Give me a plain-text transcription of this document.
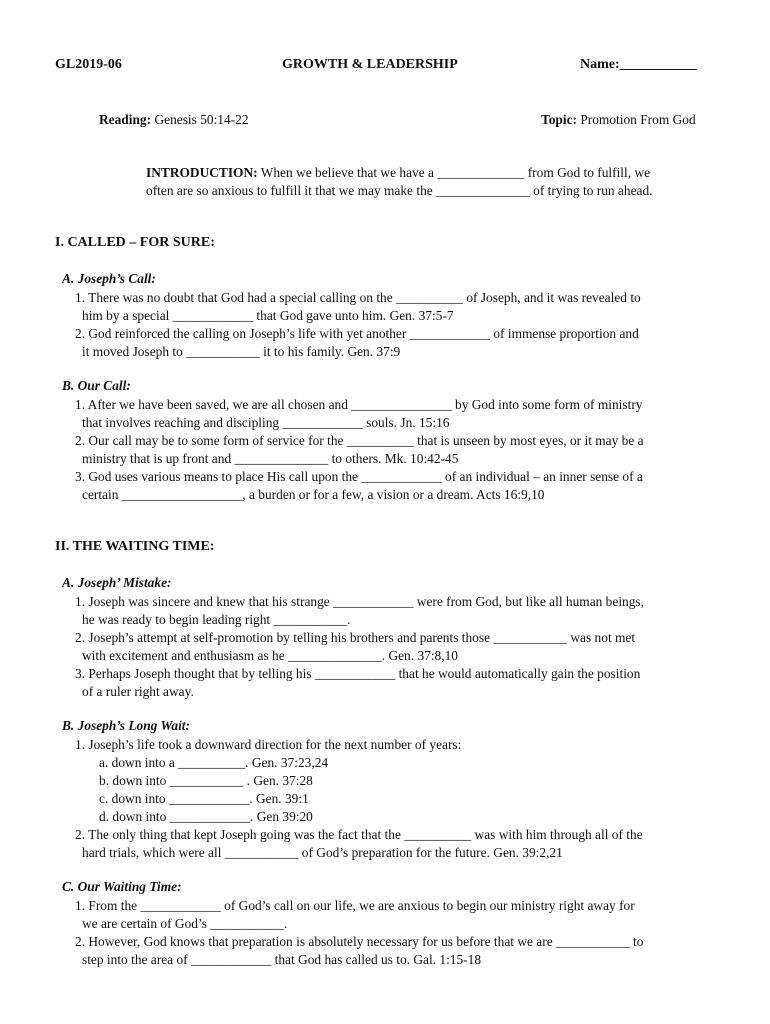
GL2019-06	GROWTH & LEADERSHIP	Name:___________
Reading: Genesis 50:14-22	Topic: Promotion From God
INTRODUCTION: When we believe that we have a _____________ from God to fulfill, we
often are so anxious to fulfill it that we may make the ______________ of trying to run ahead.
I. CALLED – FOR SURE:
A. Joseph’s Call:
1. There was no doubt that God had a special calling on the __________ of Joseph, and it was revealed to
him by a special ____________ that God gave unto him. Gen. 37:5-7
2. God reinforced the calling on Joseph’s life with yet another ____________ of immense proportion and
it moved Joseph to ___________ it to his family. Gen. 37:9
B. Our Call:
1. After we have been saved, we are all chosen and _______________ by God into some form of ministry
that involves reaching and discipling ____________ souls. Jn. 15:16
2. Our call may be to some form of service for the __________ that is unseen by most eyes, or it may be a
ministry that is up front and ______________ to others. Mk. 10:42-45
3. God uses various means to place His call upon the ____________ of an individual – an inner sense of a
certain __________________, a burden or for a few, a vision or a dream. Acts 16:9,10
II. THE WAITING TIME:
A. Joseph’ Mistake:
1. Joseph was sincere and knew that his strange ____________ were from God, but like all human beings,
he was ready to begin leading right ___________.
2. Joseph’s attempt at self-promotion by telling his brothers and parents those ___________ was not met
with excitement and enthusiasm as he ______________. Gen. 37:8,10
3. Perhaps Joseph thought that by telling his ____________ that he would automatically gain the position
of a ruler right away.
B. Joseph’s Long Wait:
1. Joseph’s life took a downward direction for the next number of years:
a. down into a __________. Gen. 37:23,24
b. down into ___________ . Gen. 37:28
c. down into ____________. Gen. 39:1
d. down into ____________. Gen 39:20
2. The only thing that kept Joseph going was the fact that the __________ was with him through all of the
hard trials, which were all ___________ of God’s preparation for the future. Gen. 39:2,21
C. Our Waiting Time:
1. From the ____________ of God’s call on our life, we are anxious to begin our ministry right away for
we are certain of God’s ___________.
2. However, God knows that preparation is absolutely necessary for us before that we are ___________ to
step into the area of ____________ that God has called us to. Gal. 1:15-18
